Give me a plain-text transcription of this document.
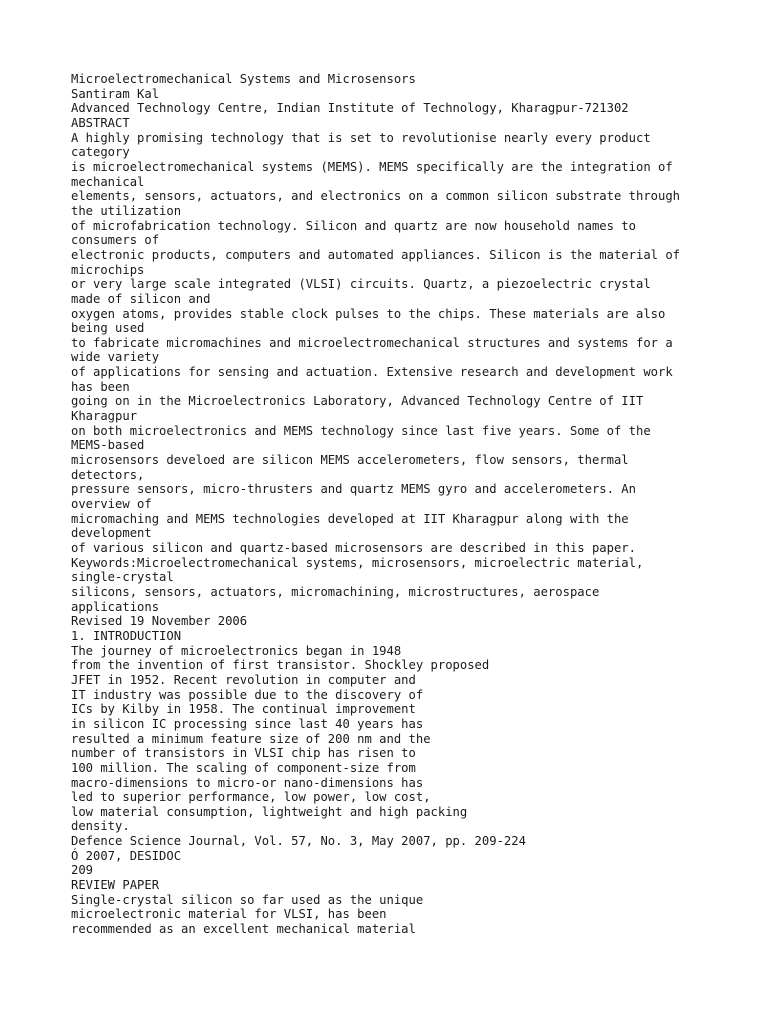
Microelectromechanical Systems and Microsensors
Santiram Kal
Advanced Technology Centre, Indian Institute of Technology, Kharagpur-721302
ABSTRACT
A highly promising technology that is set to revolutionise nearly every product
category
is microelectromechanical systems (MEMS). MEMS specifically are the integration of
mechanical
elements, sensors, actuators, and electronics on a common silicon substrate through
the utilization
of microfabrication technology. Silicon and quartz are now household names to
consumers of
electronic products, computers and automated appliances. Silicon is the material of
microchips
or very large scale integrated (VLSI) circuits. Quartz, a piezoelectric crystal
made of silicon and
oxygen atoms, provides stable clock pulses to the chips. These materials are also
being used
to fabricate micromachines and microelectromechanical structures and systems for a
wide variety
of applications for sensing and actuation. Extensive research and development work
has been
going on in the Microelectronics Laboratory, Advanced Technology Centre of IIT
Kharagpur
on both microelectronics and MEMS technology since last five years. Some of the
MEMS-based
microsensors develoed are silicon MEMS accelerometers, flow sensors, thermal
detectors,
pressure sensors, micro-thrusters and quartz MEMS gyro and accelerometers. An
overview of
micromaching and MEMS technologies developed at IIT Kharagpur along with the
development
of various silicon and quartz-based microsensors are described in this paper.
Keywords:Microelectromechanical systems, microsensors, microelectric material,
single-crystal
silicons, sensors, actuators, micromachining, microstructures, aerospace
applications
Revised 19 November 2006
1. INTRODUCTION
The journey of microelectronics began in 1948
from the invention of first transistor. Shockley proposed
JFET in 1952. Recent revolution in computer and
IT industry was possible due to the discovery of
ICs by Kilby in 1958. The continual improvement
in silicon IC processing since last 40 years has
resulted a minimum feature size of 200 nm and the
number of transistors in VLSI chip has risen to
100 million. The scaling of component-size from
macro-dimensions to micro-or nano-dimensions has
led to superior performance, low power, low cost,
low material consumption, lightweight and high packing
density.
Defence Science Journal, Vol. 57, No. 3, May 2007, pp. 209-224
Ó 2007, DESIDOC
209
REVIEW PAPER
Single-crystal silicon so far used as the unique
microelectronic material for VLSI, has been
recommended as an excellent mechanical material
